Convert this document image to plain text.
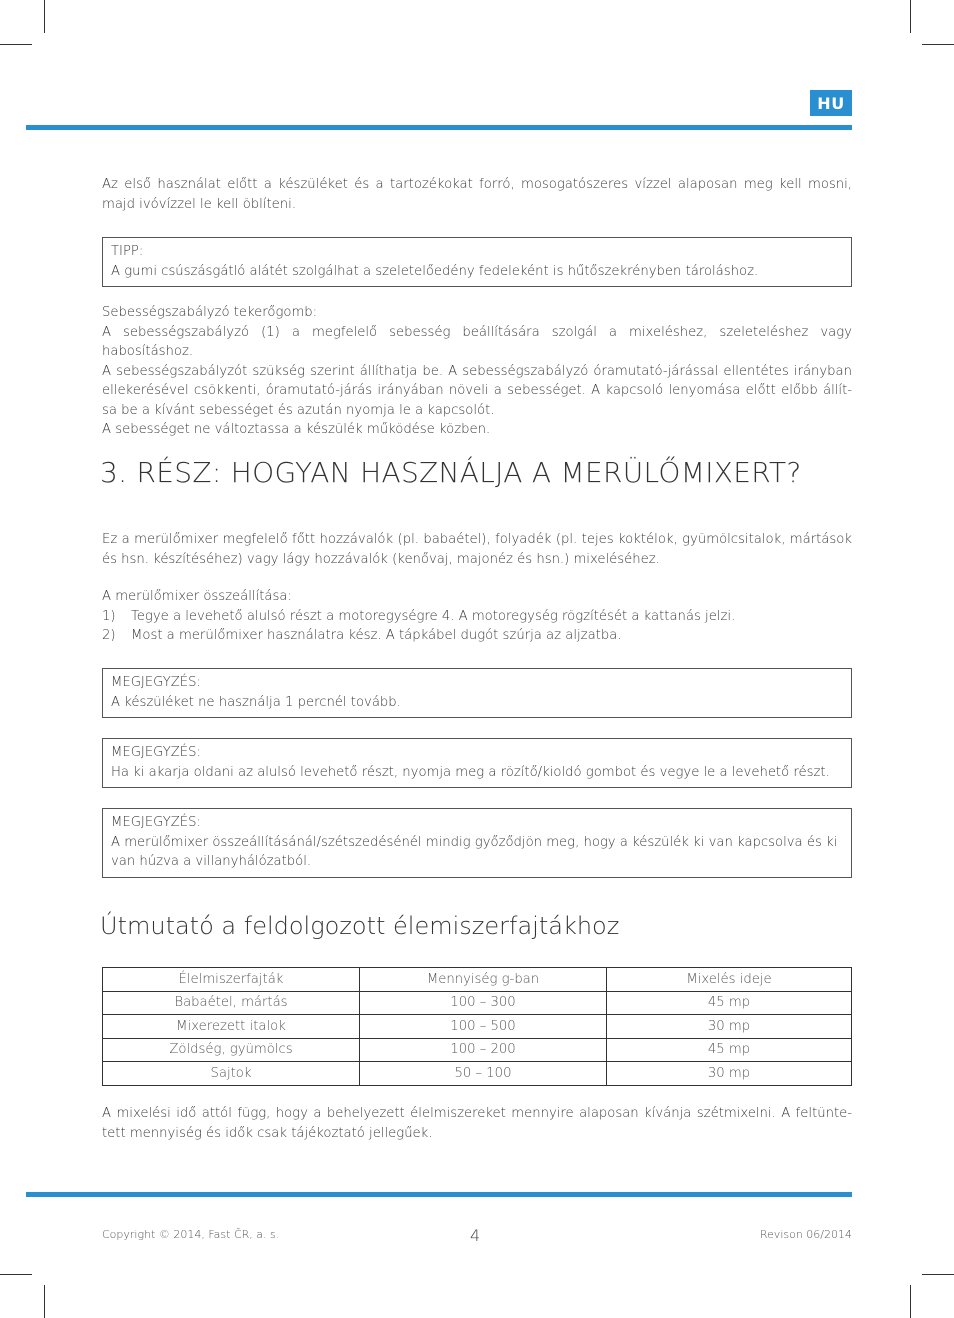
HU

Az első használat előtt a készüléket és a tartozékokat forró, mosogatószeres vízzel alaposan meg kell mosni, majd ivóvízzel le kell öblíteni.

TIPP:
A gumi csúszásgátló alátét szolgálhat a szeletelőedény fedeleként is hűtőszekrényben tároláshoz.

Sebességszabályzó tekerőgomb:

A sebességszabályzó (1) a megfelelő sebesség beállítására szolgál a mixeléshez, szeleteléshez vagy habosításhoz.

A sebességszabályzót szükség szerint állíthatja be. A sebességszabályzó óramutató-járással ellentétes irányban ellekerésével csökkenti, óramutató-járás irányában növeli a sebességet. A kapcsoló lenyomása előtt előbb állít-sa be a kívánt sebességet és azután nyomja le a kapcsolót.

A sebességet ne változtassa a készülék működése közben.

3. RÉSZ: HOGYAN HASZNÁLJA A MERÜLŐMIXERT?

Ez a merülőmixer megfelelő főtt hozzávalók (pl. babaétel), folyadék (pl. tejes koktélok, gyümölcsitalok, mártások és hsn. készítéséhez) vagy lágy hozzávalók (kenővaj, majonéz és hsn.) mixeléséhez.

A merülőmixer összeállítása:

1)	Tegye a levehető alulsó részt a motoregységre 4. A motoregység rögzítését a kattanás jelzi.
2)	Most a merülőmixer használatra kész. A tápkábel dugót szúrja az aljzatba.
MEGJEGYZÉS:
A készüléket ne használja 1 percnél tovább.
MEGJEGYZÉS:
Ha ki akarja oldani az alulsó levehető részt, nyomja meg a rözítő/kioldó gombot és vegye le a levehető részt.
MEGJEGYZÉS:
A merülőmixer összeállításánál/szétszedésénél mindig győződjön meg, hogy a készülék ki van kapcsolva és ki van húzva a villanyhálózatból.
Útmutató a feldolgozott élemiszerfajtákhoz
Élelmiszerfajták	Mennyiség g-ban	Mixelés ideje
Babaétel, mártás	100 – 300	45 mp
Mixerezett italok	100 – 500	30 mp
Zöldség, gyümölcs	100 – 200	45 mp
Sajtok	50 – 100	30 mp

A mixelési idő attól függ, hogy a behelyezett élelmiszereket mennyire alaposan kívánja szétmixelni. A feltünte-tett mennyiség és idők csak tájékoztató jellegűek.

Copyright © 2014, Fast ČR, a. s.	4	Revison 06/2014
